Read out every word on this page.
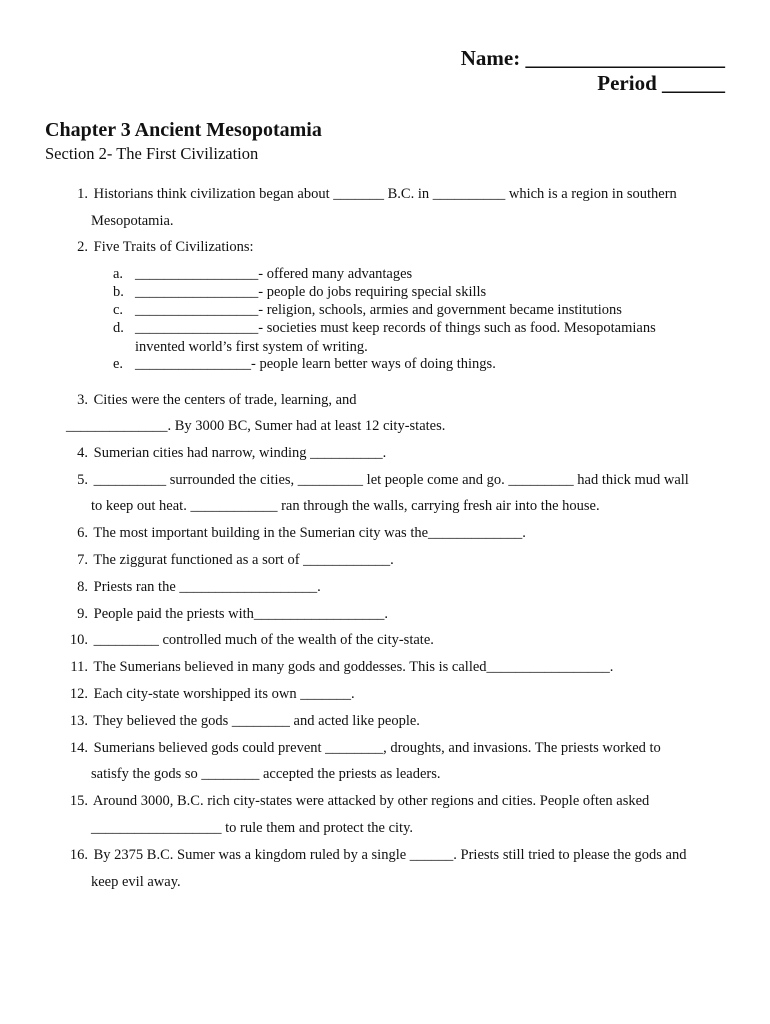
Name: ___________________
Period ______
Chapter 3 Ancient Mesopotamia
Section 2- The First Civilization
1. Historians think civilization began about _______ B.C. in __________ which is a region in southern
Mesopotamia.
2. Five Traits of Civilizations:
a. _________________- offered many advantages
b. _________________- people do jobs requiring special skills
c. _________________- religion, schools, armies and government became institutions
d. _________________- societies must keep records of things such as food. Mesopotamians
invented world’s first system of writing.
e. ________________- people learn better ways of doing things.
3. Cities were the centers of trade, learning, and
______________. By 3000 BC, Sumer had at least 12 city-states.
4. Sumerian cities had narrow, winding __________.
5. __________ surrounded the cities, _________ let people come and go. _________ had thick mud wall
to keep out heat. ____________ ran through the walls, carrying fresh air into the house.
6. The most important building in the Sumerian city was the_____________.
7. The ziggurat functioned as a sort of ____________.
8. Priests ran the ___________________.
9. People paid the priests with__________________.
10. _________ controlled much of the wealth of the city-state.
11. The Sumerians believed in many gods and goddesses. This is called_________________.
12. Each city-state worshipped its own _______.
13. They believed the gods ________ and acted like people.
14. Sumerians believed gods could prevent ________, droughts, and invasions. The priests worked to
satisfy the gods so ________ accepted the priests as leaders.
15. Around 3000, B.C. rich city-states were attacked by other regions and cities. People often asked
__________________ to rule them and protect the city.
16. By 2375 B.C. Sumer was a kingdom ruled by a single ______. Priests still tried to please the gods and
keep evil away.
